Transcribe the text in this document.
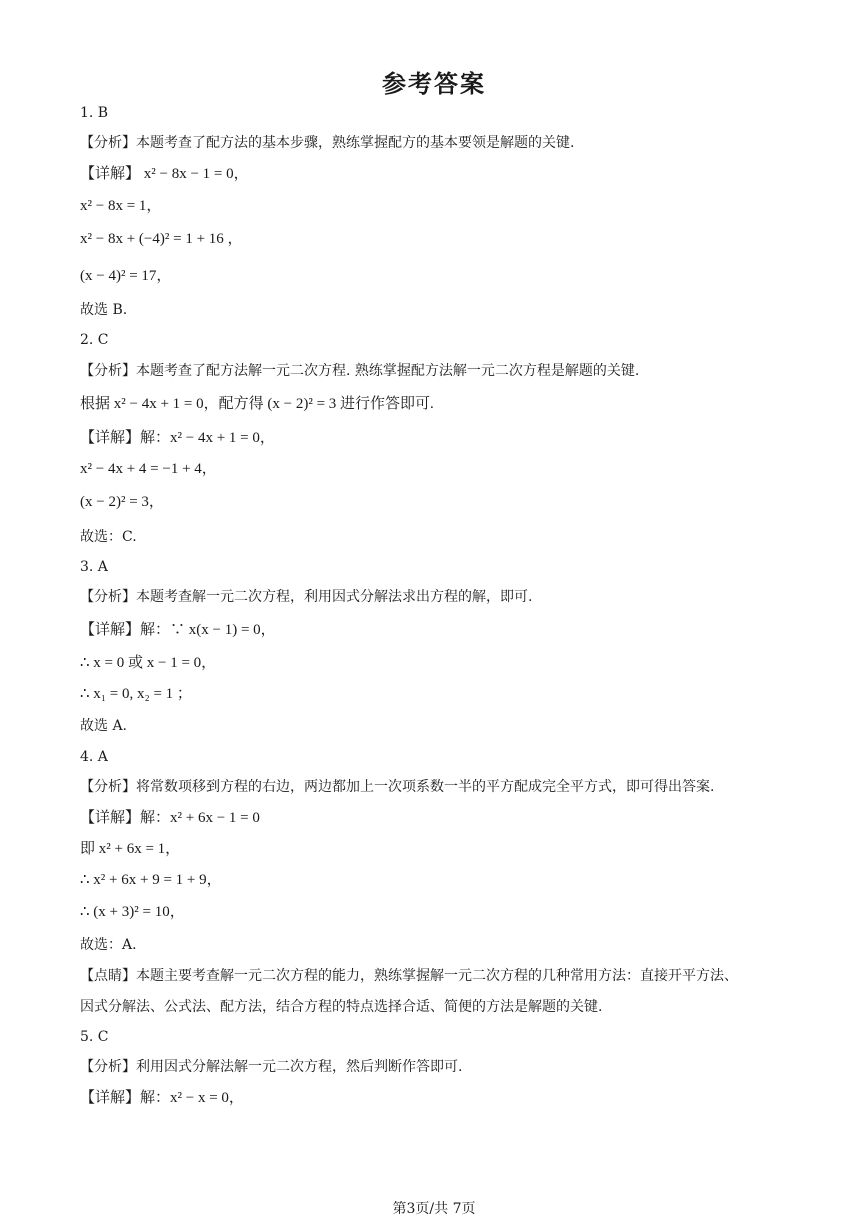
参考答案
1. B
【分析】本题考查了配方法的基本步骤，熟练掌握配方的基本要领是解题的关键.
【详解】 x² − 8x − 1 = 0，
x² − 8x = 1，
x² − 8x + (−4)² = 1 + 16 ，
(x − 4)² = 17，
故选 B.
2. C
【分析】本题考查了配方法解一元二次方程. 熟练掌握配方法解一元二次方程是解题的关键.
根据 x² − 4x + 1 = 0，配方得 (x − 2)² = 3 进行作答即可.
【详解】解：x² − 4x + 1 = 0，
x² − 4x + 4 = −1 + 4，
(x − 2)² = 3，
故选：C.
3. A
【分析】本题考查解一元二次方程，利用因式分解法求出方程的解，即可.
【详解】解：∵ x(x − 1) = 0，
∴ x = 0 或 x − 1 = 0，
∴ x₁ = 0, x₂ = 1 ；
故选 A.
4. A
【分析】将常数项移到方程的右边，两边都加上一次项系数一半的平方配成完全平方式，即可得出答案.
【详解】解：x² + 6x − 1 = 0
即 x² + 6x = 1，
∴ x² + 6x + 9 = 1 + 9，
∴ (x + 3)² = 10，
故选：A.
【点睛】本题主要考查解一元二次方程的能力，熟练掌握解一元二次方程的几种常用方法：直接开平方法、
因式分解法、公式法、配方法，结合方程的特点选择合适、简便的方法是解题的关键.
5. C
【分析】利用因式分解法解一元二次方程，然后判断作答即可.
【详解】解：x² − x = 0，
第3页/共 7页
